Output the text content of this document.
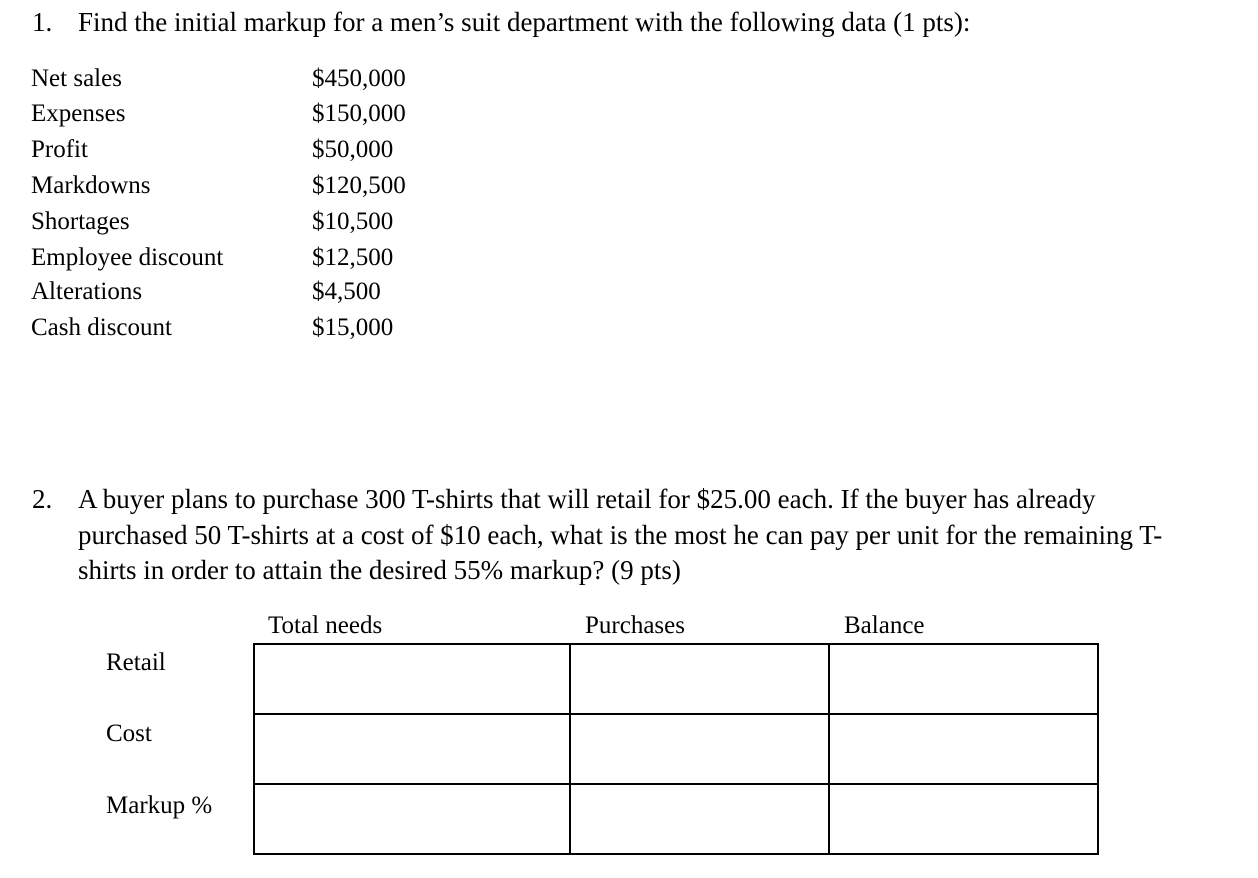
1. Find the initial markup for a men’s suit department with the following data (1 pts):
Net sales	$450,000
Expenses	$150,000
Profit	$50,000
Markdowns	$120,500
Shortages	$10,500
Employee discount	$12,500
Alterations	$4,500
Cash discount	$15,000
2. A buyer plans to purchase 300 T-shirts that will retail for $25.00 each. If the buyer has already
purchased 50 T-shirts at a cost of $10 each, what is the most he can pay per unit for the remaining T-
shirts in order to attain the desired 55% markup? (9 pts)
Total needs	Purchases	Balance
Retail
Cost
Markup %
